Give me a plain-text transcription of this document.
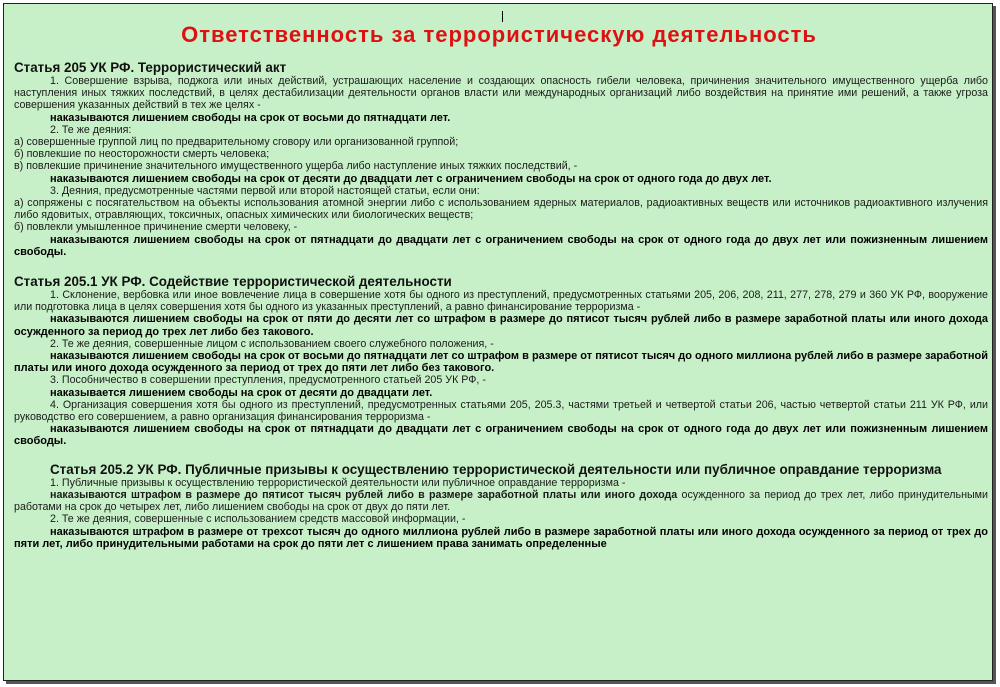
Ответственность за террористическую деятельность

Статья 205 УК РФ. Террористический акт

1. Совершение взрыва, поджога или иных действий, устрашающих население и создающих опасность гибели человека, причинения значительного имущественного ущерба либо наступления иных тяжких последствий, в целях дестабилизации деятельности органов власти или международных организаций либо воздействия на принятие ими решений, а также угроза совершения указанных действий в тех же целях -

наказываются лишением свободы на срок от восьми до пятнадцати лет.

2. Те же деяния:

а) совершенные группой лиц по предварительному сговору или организованной группой;

б) повлекшие по неосторожности смерть человека;

в) повлекшие причинение значительного имущественного ущерба либо наступление иных тяжких последствий, -

наказываются лишением свободы на срок от десяти до двадцати лет с ограничением свободы на срок от одного года до двух лет.

3. Деяния, предусмотренные частями первой или второй настоящей статьи, если они:

а) сопряжены с посягательством на объекты использования атомной энергии либо с использованием ядерных материалов, радиоактивных веществ или источников радиоактивного излучения либо ядовитых, отравляющих, токсичных, опасных химических или биологических веществ;

б) повлекли умышленное причинение смерти человеку, -

наказываются лишением свободы на срок от пятнадцати до двадцати лет с ограничением свободы на срок от одного года до двух лет или пожизненным лишением свободы.

Статья 205.1 УК РФ. Содействие террористической деятельности

1. Склонение, вербовка или иное вовлечение лица в совершение хотя бы одного из преступлений, предусмотренных статьями 205, 206, 208, 211, 277, 278, 279 и 360 УК РФ, вооружение или подготовка лица в целях совершения хотя бы одного из указанных преступлений, а равно финансирование терроризма -

наказываются лишением свободы на срок от пяти до десяти лет со штрафом в размере до пятисот тысяч рублей либо в размере заработной платы или иного дохода осужденного за период до трех лет либо без такового.

2. Те же деяния, совершенные лицом с использованием своего служебного положения, -

наказываются лишением свободы на срок от восьми до пятнадцати лет со штрафом в размере от пятисот тысяч до одного миллиона рублей либо в размере заработной платы или иного дохода осужденного за период от трех до пяти лет либо без такового.

3. Пособничество в совершении преступления, предусмотренного статьей 205 УК РФ, -

наказывается лишением свободы на срок от десяти до двадцати лет.

4. Организация совершения хотя бы одного из преступлений, предусмотренных статьями 205, 205.3, частями третьей и четвертой статьи 206, частью четвертой статьи 211 УК РФ, или руководство его совершением, а равно организация финансирования терроризма -

наказываются лишением свободы на срок от пятнадцати до двадцати лет с ограничением свободы на срок от одного года до двух лет или пожизненным лишением свободы.

Статья 205.2 УК РФ. Публичные призывы к осуществлению террористической деятельности или публичное оправдание терроризма

1. Публичные призывы к осуществлению террористической деятельности или публичное оправдание терроризма -

наказываются штрафом в размере до пятисот тысяч рублей либо в размере заработной платы или иного дохода осужденного за период до трех лет, либо принудительными работами на срок до четырех лет, либо лишением свободы на срок от двух до пяти лет.

2. Те же деяния, совершенные с использованием средств массовой информации, -

наказываются штрафом в размере от трехсот тысяч до одного миллиона рублей либо в размере заработной платы или иного дохода осужденного за период от трех до пяти лет, либо принудительными работами на срок до пяти лет с лишением права занимать определенные
